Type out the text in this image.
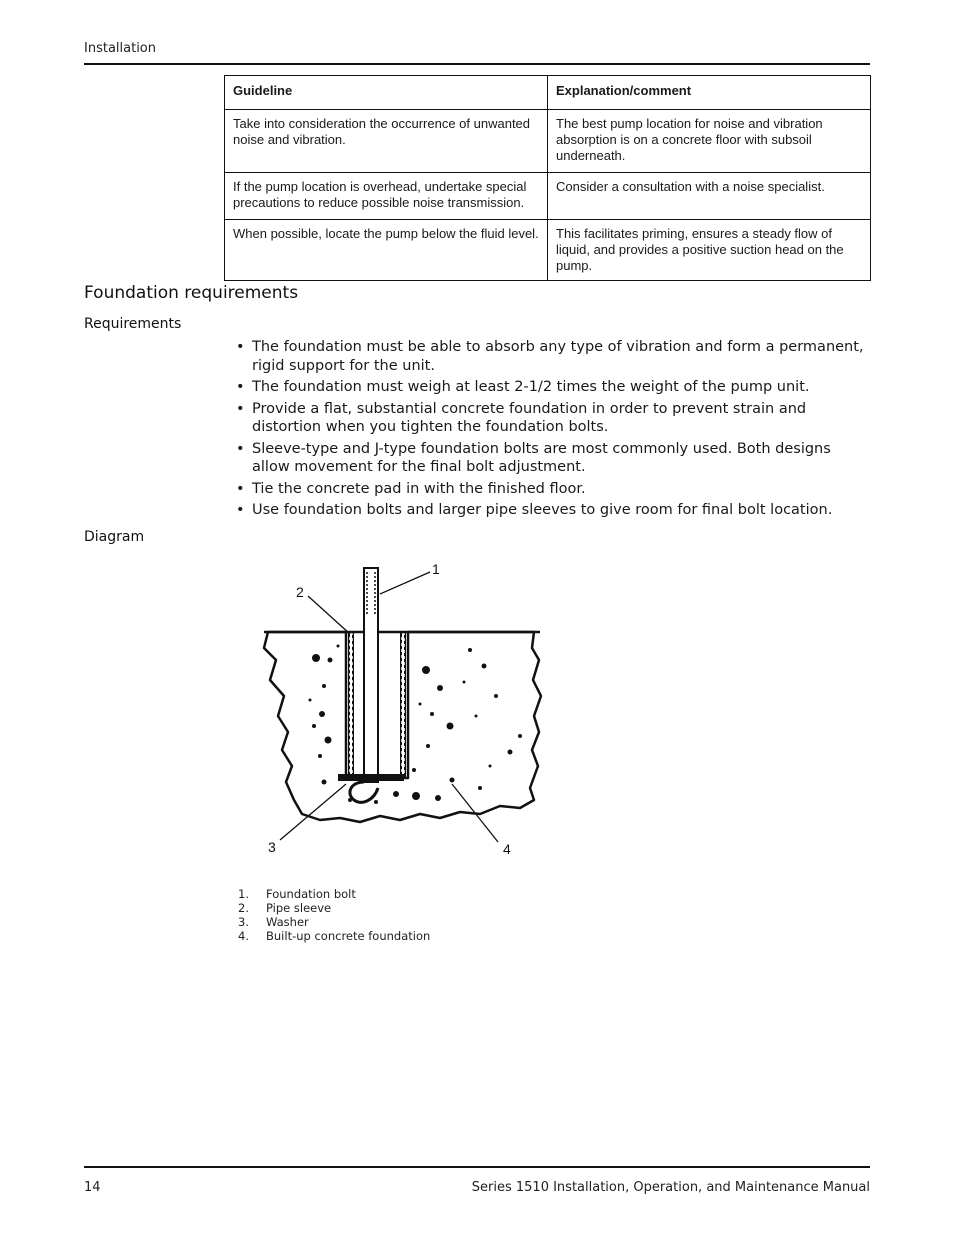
Installation
Guideline	Explanation/comment
Take into consideration the occurrence of unwanted noise and vibration.	The best pump location for noise and vibration absorption is on a concrete floor with subsoil underneath.
If the pump location is overhead, undertake special precautions to reduce possible noise transmission.	Consider a consultation with a noise specialist.
When possible, locate the pump below the fluid level.	This facilitates priming, ensures a steady flow of liquid, and provides a positive suction head on the pump.
Foundation requirements
Requirements
• The foundation must be able to absorb any type of vibration and form a permanent, rigid support for the unit.
• The foundation must weigh at least 2-1/2 times the weight of the pump unit.
• Provide a flat, substantial concrete foundation in order to prevent strain and distortion when you tighten the foundation bolts.
• Sleeve-type and J-type foundation bolts are most commonly used. Both designs allow movement for the final bolt adjustment.
• Tie the concrete pad in with the finished floor.
• Use foundation bolts and larger pipe sleeves to give room for final bolt location.
Diagram
1
2
3	4
1.	Foundation bolt
2.	Pipe sleeve
3.	Washer
4.	Built-up concrete foundation
14	Series 1510 Installation, Operation, and Maintenance Manual
